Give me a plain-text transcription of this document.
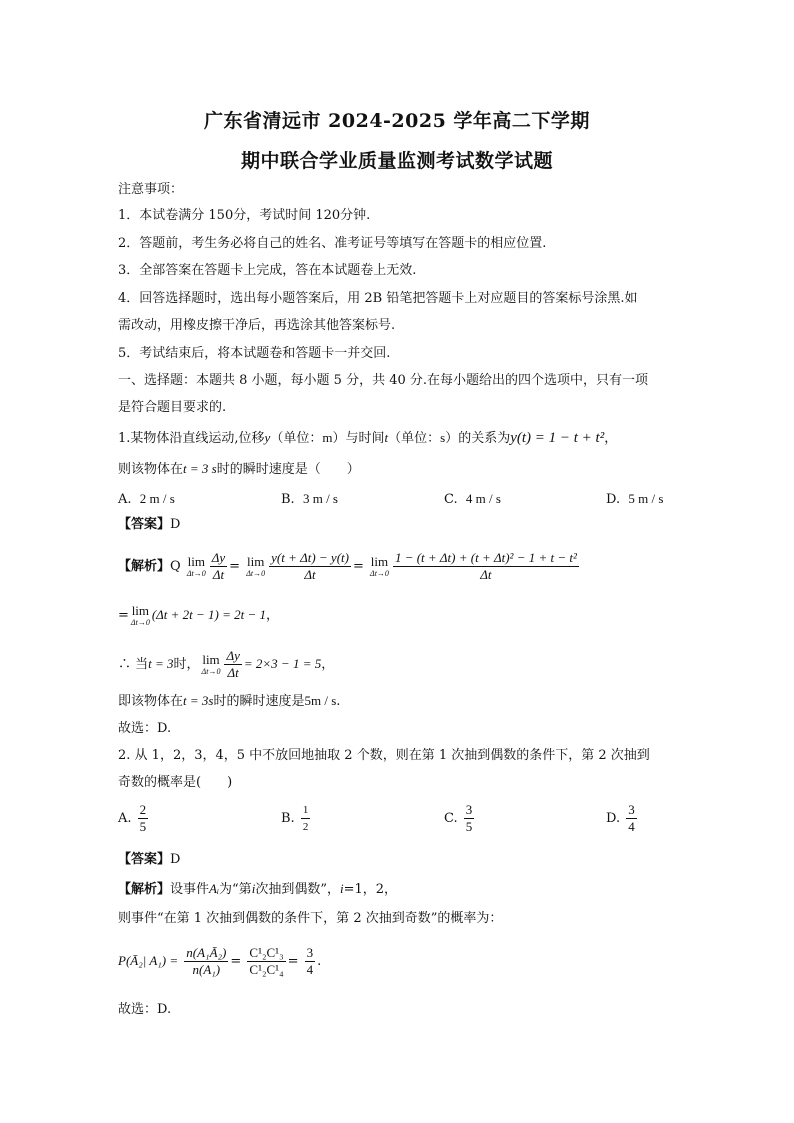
广东省清远市 2024-2025 学年高二下学期
期中联合学业质量监测考试数学试题
注意事项：
1．本试卷满分 150分，考试时间 120分钟.
2．答题前，考生务必将自己的姓名、准考证号等填写在答题卡的相应位置.
3．全部答案在答题卡上完成，答在本试题卷上无效.
4．回答选择题时，选出每小题答案后，用 2B 铅笔把答题卡上对应题目的答案标号涂黑.如
需改动，用橡皮擦干净后，再选涂其他答案标号.
5．考试结束后，将本试题卷和答题卡一并交回.
一、选择题：本题共 8 小题，每小题 5 分，共 40 分.在每小题给出的四个选项中，只有一项
是符合题目要求的.
1.某物体沿直线运动,位移y（单位：m）与时间t（单位：s）的关系为y(t) = 1 − t + t²，
则该物体在t = 3 s时的瞬时速度是（　　）
A. 2 m / s	B. 3 m / s	C. 4 m / s	D. 5 m / s
【答案】D
【解析】Q lim
$\Delta t\to 0 \frac{\Delta y}{\Delta t} = \lim$
$\Delta t\to 0 \frac{y(t + \Delta t) - y(t)}{\Delta t} = \lim$
$\Delta t\to 0 \frac{\text{1 − (t + Δt) + (t + Δt)² − 1 + t − t²}}{\Delta t}$
= lim
Δt→0
(Δt + 2t − 1) = 2t − 1，
∴ 当t = 3时， lim
$\Delta t\to 0 \frac{\Delta y}{\Delta t} = 2\times 3 - 1 = 5$，
即该物体在t = 3s时的瞬时速度是5m / s.
故选：D.
2. 从 1，2，3，4，5 中不放回地抽取 2 个数，则在第 1 次抽到偶数的条件下，第 2 次抽到
奇数的概率是(　　)
A. $\frac{2}{5}$	B. $\frac{1}{2}$	C. $\frac{3}{5}$	D. $\frac{3}{4}$
【答案】D
【解析】设事件Aᵢ为“第i次抽到偶数”，i=1，2，
则事件“在第 1 次抽到偶数的条件下，第 2 次抽到奇数”的概率为：
P(Ā₂| $A_1) = \frac{\text{n(A₁Ā₂)}}{\text{n(A₁)}} = \frac{\text{C¹₂C¹₃}}{\text{C¹₂C¹₄}} = \frac{3}{4}$ .
故选：D.
